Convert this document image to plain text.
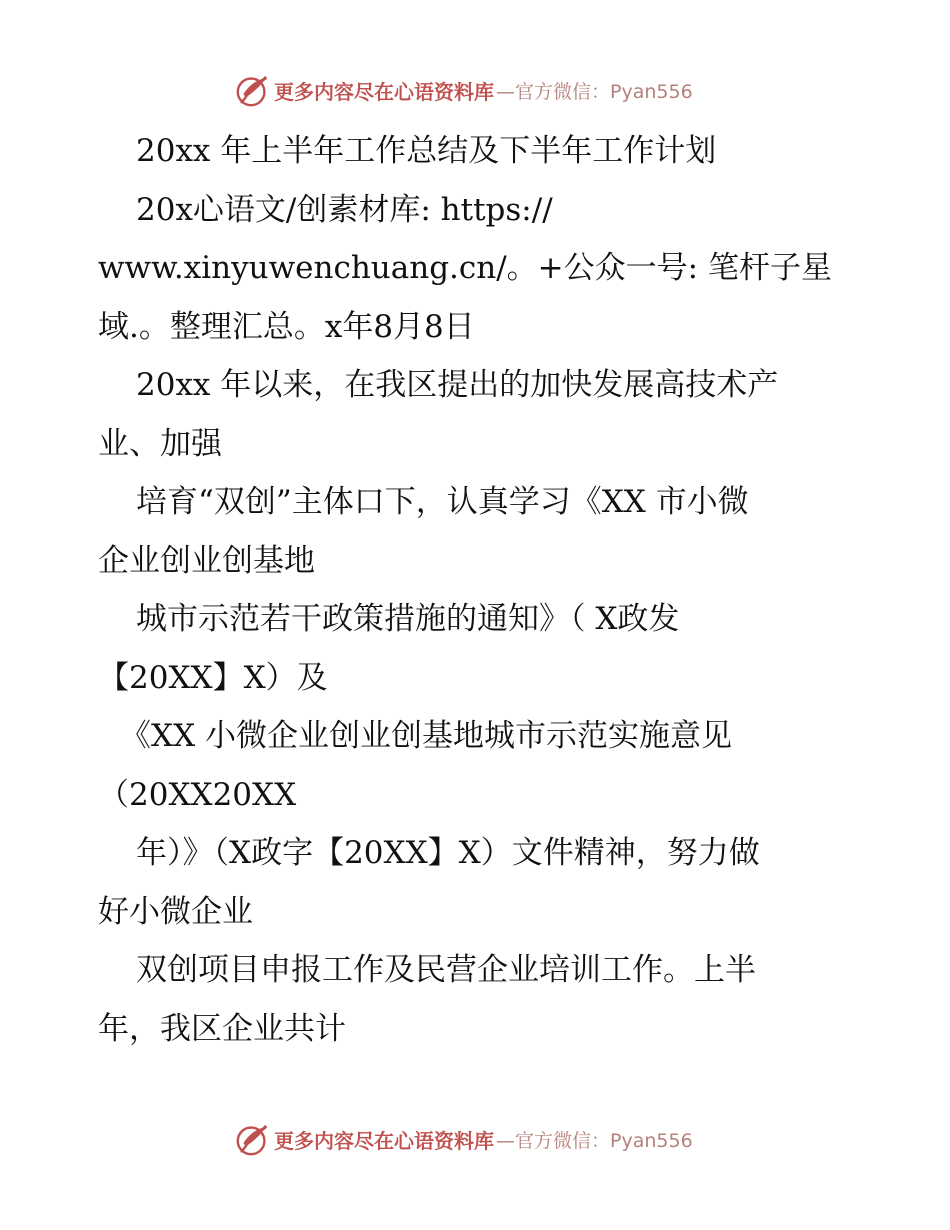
更多内容尽在心语资料库 —官方微信：Pyan556
20xx 年上半年工作总结及下半年工作计划
20x心语文/创素材库: https://
www.xinyuwenchuang.cn/。+公众一号: 笔杆子星
域.。整理汇总。x年8月8日
20xx 年以来，在我区提出的加快发展高技术产
业、加强
培育“双创”主体口下，认真学习《XX 市小微
企业创业创基地
城市示范若干政策措施的通知》（ X政发
【20XX】X）及
《XX 小微企业创业创基地城市示范实施意见
（20XX20XX
年）》（X政字【20XX】X）文件精神，努力做
好小微企业
双创项目申报工作及民营企业培训工作。上半
年，我区企业共计
更多内容尽在心语资料库 —官方微信：Pyan556
